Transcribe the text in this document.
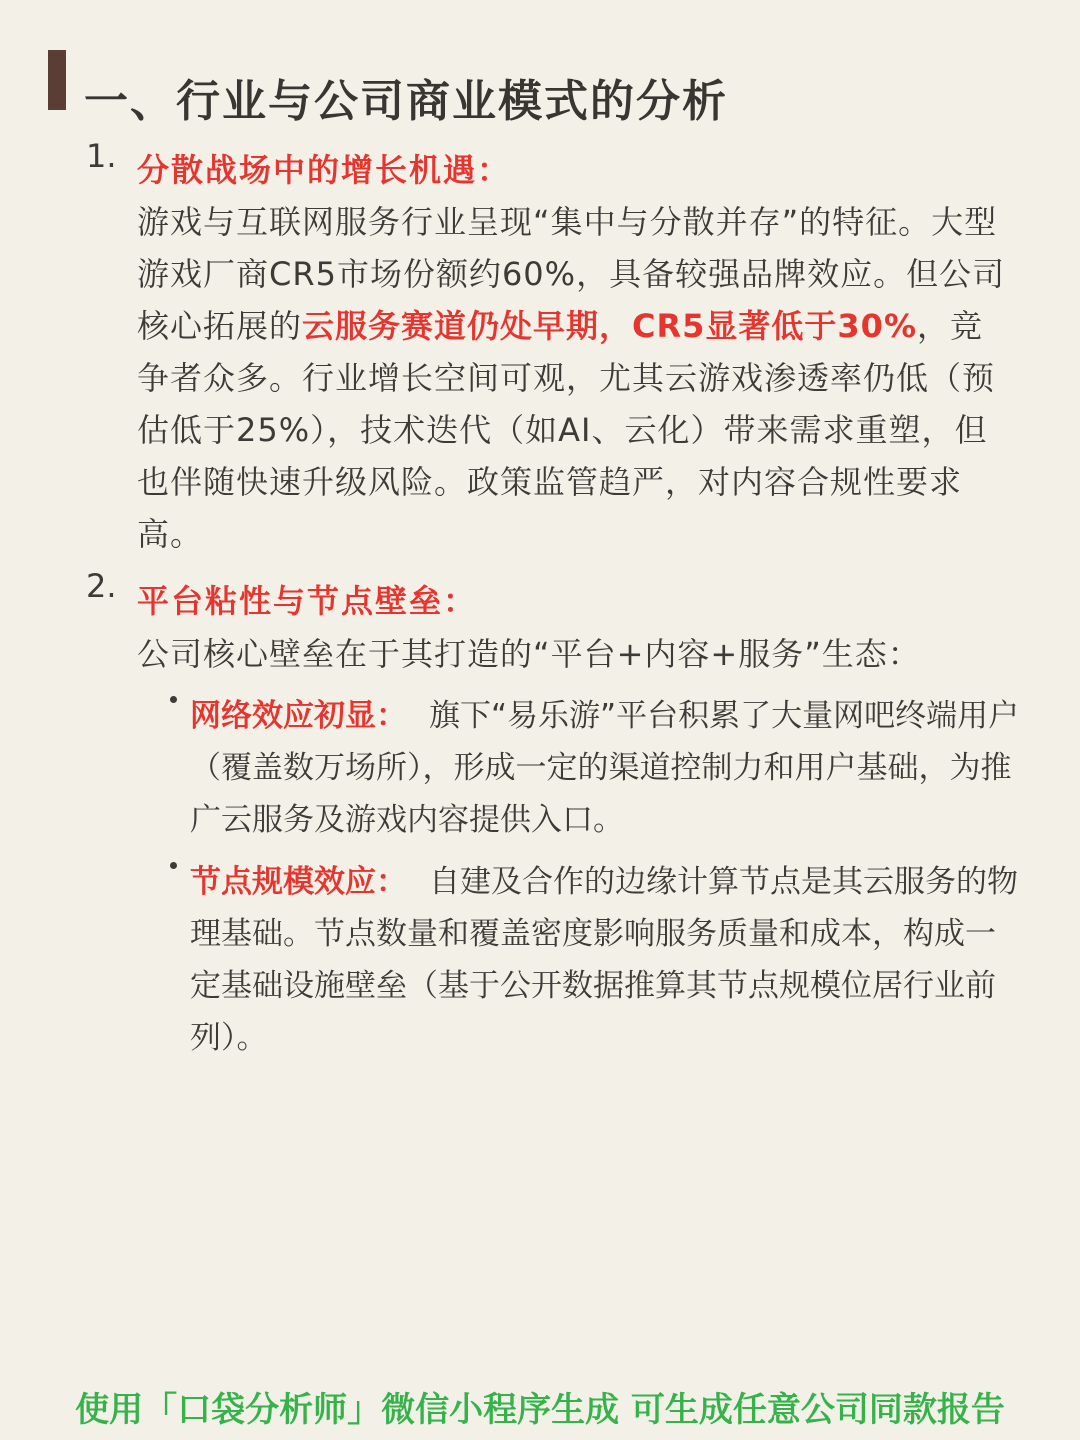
一、行业与公司商业模式的分析
1. 分散战场中的增长机遇：

游戏与互联网服务行业呈现“集中与分散并存”的特征。大型游戏厂商CR5市场份额约60%，具备较强品牌效应。但公司核心拓展的云服务赛道仍处早期，CR5显著低于30%，竞争者众多。行业增长空间可观，尤其云游戏渗透率仍低（预估低于25%），技术迭代（如AI、云化）带来需求重塑，但也伴随快速升级风险。政策监管趋严，对内容合规性要求高。

2. 平台粘性与节点壁垒：

公司核心壁垒在于其打造的“平台+内容+服务”生态：

网络效应初显： 旗下“易乐游”平台积累了大量网吧终端用户（覆盖数万场所），形成一定的渠道控制力和用户基础，为推广云服务及游戏内容提供入口。

节点规模效应： 自建及合作的边缘计算节点是其云服务的物理基础。节点数量和覆盖密度影响服务质量和成本，构成一定基础设施壁垒（基于公开数据推算其节点规模位居行业前列）。

使用「口袋分析师」微信小程序生成 可生成任意公司同款报告
